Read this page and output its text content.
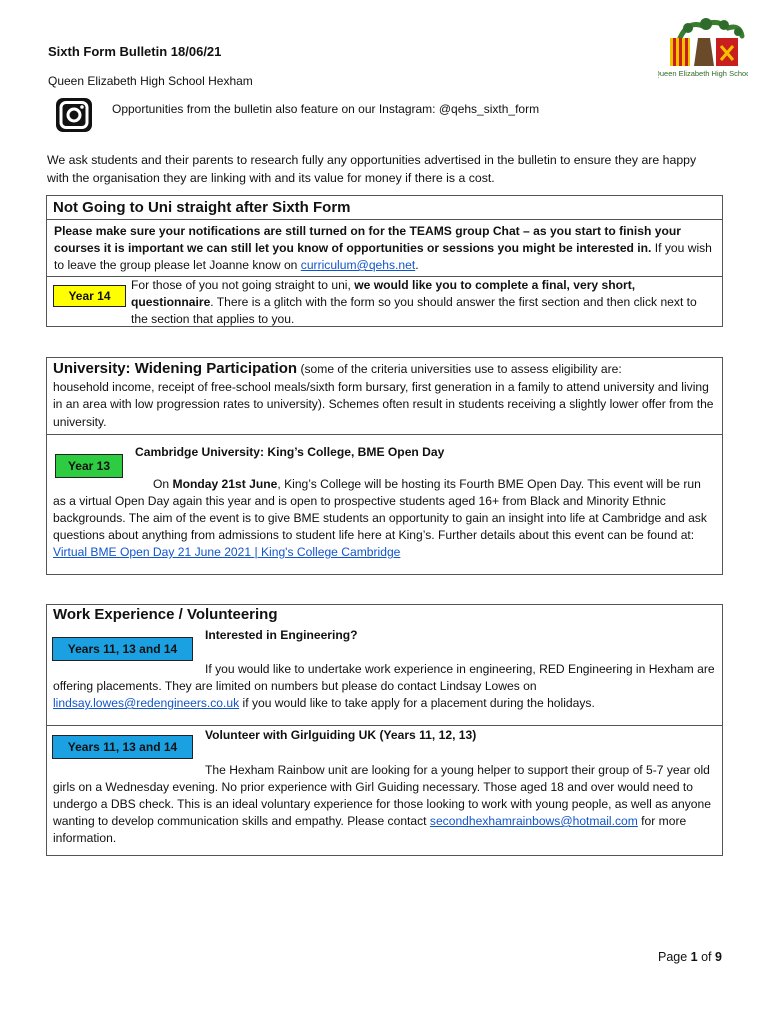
Sixth Form Bulletin 18/06/21
Queen Elizabeth High School Hexham
Opportunities from the bulletin also feature on our Instagram: @qehs_sixth_form
Queen Elizabeth High School
We ask students and their parents to research fully any opportunities advertised in the bulletin to ensure they are happy with the organisation they are linking with and its value for money if there is a cost.
Not Going to Uni straight after Sixth Form
Please make sure your notifications are still turned on for the TEAMS group Chat – as you start to finish your courses it is important we can still let you know of opportunities or sessions you might be interested in. If you wish to leave the group please let Joanne know on curriculum@qehs.net.
Year 14
For those of you not going straight to uni, we would like you to complete a final, very short, questionnaire. There is a glitch with the form so you should answer the first section and then click next to the section that applies to you.
University: Widening Participation (some of the criteria universities use to assess eligibility are:
household income, receipt of free-school meals/sixth form bursary, first generation in a family to attend university and living in an area with low progression rates to university). Schemes often result in students receiving a slightly lower offer from the university.
Cambridge University: King’s College, BME Open Day
Year 13
On Monday 21st June, King’s College will be hosting its Fourth BME Open Day. This event will be run as a virtual Open Day again this year and is open to prospective students aged 16+ from Black and Minority Ethnic backgrounds. The aim of the event is to give BME students an opportunity to gain an insight into life at Cambridge and ask questions about anything from admissions to student life here at King’s. Further details about this event can be found at: Virtual BME Open Day 21 June 2021 | King's College Cambridge
Work Experience / Volunteering
Interested in Engineering?
Years 11, 13 and 14
If you would like to undertake work experience in engineering, RED Engineering in Hexham are offering placements. They are limited on numbers but please do contact Lindsay Lowes on lindsay.lowes@redengineers.co.uk if you would like to take apply for a placement during the holidays.
Volunteer with Girlguiding UK (Years 11, 12, 13)
Years 11, 13 and 14
The Hexham Rainbow unit are looking for a young helper to support their group of 5-7 year old girls on a Wednesday evening. No prior experience with Girl Guiding necessary. Those aged 18 and over would need to undergo a DBS check. This is an ideal voluntary experience for those looking to work with young people, as well as anyone wanting to develop communication skills and empathy. Please contact secondhexhamrainbows@hotmail.com for more information.
Page 1 of 9
